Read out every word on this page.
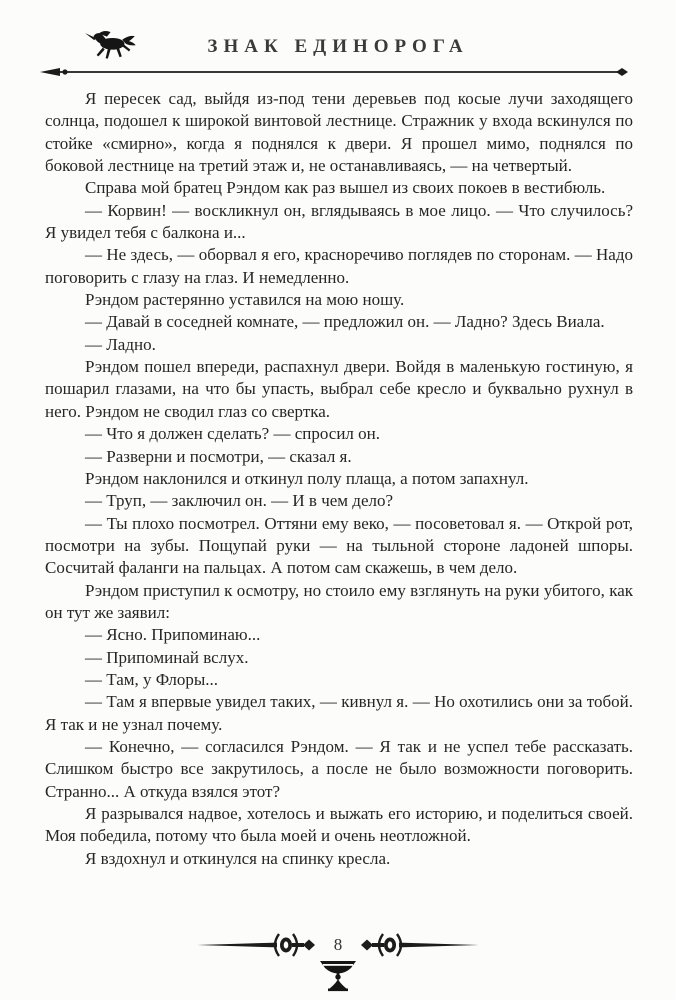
ЗНАК ЕДИНОРОГА

Я пересек сад, выйдя из-под тени деревьев под косые лучи заходящего солнца, подошел к широкой винтовой лестнице. Стражник у входа вскинулся по стойке «смирно», когда я поднялся к двери. Я прошел мимо, поднялся по боковой лестнице на третий этаж и, не останавливаясь, — на четвертый.

Справа мой братец Рэндом как раз вышел из своих покоев в вестибюль.

— Корвин! — воскликнул он, вглядываясь в мое лицо. — Что случилось? Я увидел тебя с балкона и...

— Не здесь, — оборвал я его, красноречиво поглядев по сторонам. — Надо поговорить с глазу на глаз. И немедленно.

Рэндом растерянно уставился на мою ношу.

— Давай в соседней комнате, — предложил он. — Ладно? Здесь Виала.

— Ладно.

Рэндом пошел впереди, распахнул двери. Войдя в маленькую гостиную, я пошарил глазами, на что бы упасть, выбрал себе кресло и буквально рухнул в него. Рэндом не сводил глаз со свертка.

— Что я должен сделать? — спросил он.

— Разверни и посмотри, — сказал я.

Рэндом наклонился и откинул полу плаща, а потом запахнул.

— Труп, — заключил он. — И в чем дело?

— Ты плохо посмотрел. Оттяни ему веко, — посоветовал я. — Открой рот, посмотри на зубы. Пощупай руки — на тыльной стороне ладоней шпоры. Сосчитай фаланги на пальцах. А потом сам скажешь, в чем дело.

Рэндом приступил к осмотру, но стоило ему взглянуть на руки убитого, как он тут же заявил:

— Ясно. Припоминаю...

— Припоминай вслух.

— Там, у Флоры...

— Там я впервые увидел таких, — кивнул я. — Но охотились они за тобой. Я так и не узнал почему.

— Конечно, — согласился Рэндом. — Я так и не успел тебе рассказать. Слишком быстро все закрутилось, а после не было возможности поговорить. Странно... А откуда взялся этот?

Я разрывался надвое, хотелось и выжать его историю, и поделиться своей. Моя победила, потому что была моей и очень неотложной.

Я вздохнул и откинулся на спинку кресла.

8
